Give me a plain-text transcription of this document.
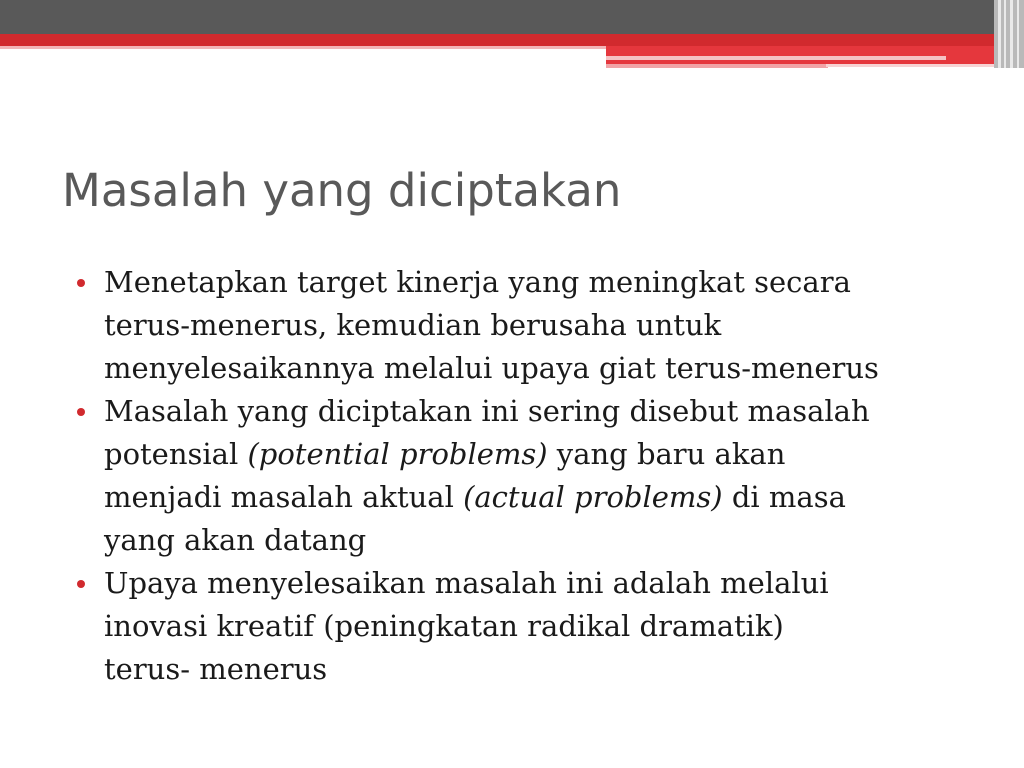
Masalah yang diciptakan
Menetapkan target kinerja yang meningkat secara
terus-menerus, kemudian berusaha untuk
menyelesaikannya melalui upaya giat terus-menerus
Masalah yang diciptakan ini sering disebut masalah
potensial (potential problems) yang baru akan
menjadi masalah aktual (actual problems) di masa
yang akan datang
Upaya menyelesaikan masalah ini adalah melalui
inovasi kreatif (peningkatan radikal dramatik)
terus- menerus
